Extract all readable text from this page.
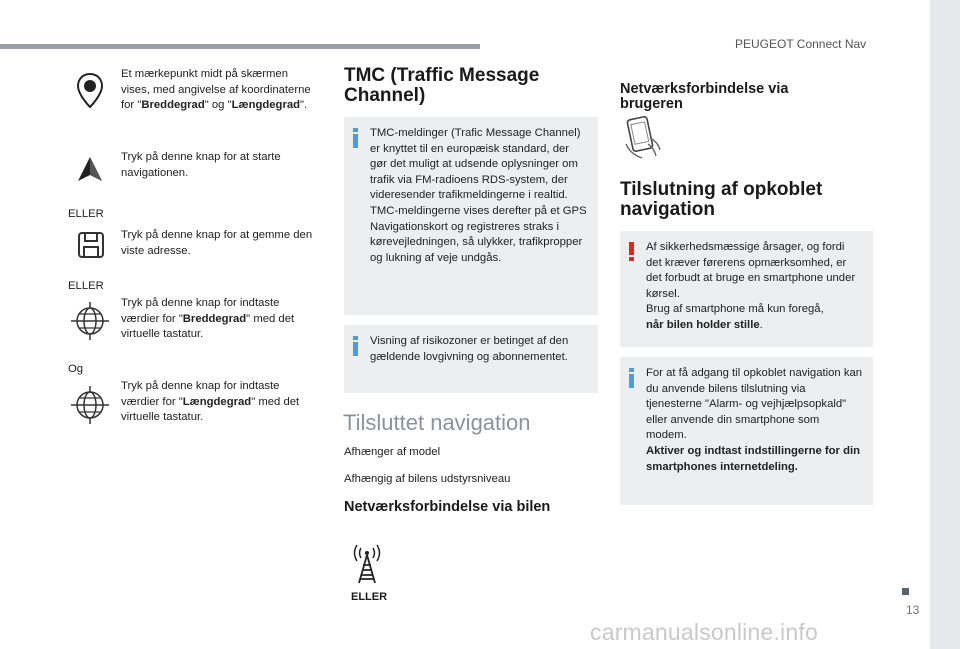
PEUGEOT Connect Nav
13
carmanualsonline.info
Et mærkepunkt midt på skærmen vises, med angivelse af koordinaterne for "Breddegrad" og "Længdegrad".
Tryk på denne knap for at starte navigationen.
ELLER
Tryk på denne knap for at gemme den viste adresse.
ELLER
Tryk på denne knap for indtaste værdier for "Breddegrad" med det virtuelle tastatur.
Og
Tryk på denne knap for indtaste værdier for "Længdegrad" med det virtuelle tastatur.
TMC (Traffic Message Channel)
TMC-meldinger (Trafic Message Channel) er knyttet til en europæisk standard, der gør det muligt at udsende oplysninger om trafik via FM-radioens RDS-system, der videresender trafikmeldingerne i realtid. TMC-meldingerne vises derefter på et GPS Navigationskort og registreres straks i kørevejledningen, så ulykker, trafikpropper og lukning af veje undgås.
Visning af risikozoner er betinget af den gældende lovgivning og abonnementet.
Tilsluttet navigation
Afhænger af model
Afhængig af bilens udstyrsniveau
Netværksforbindelse via bilen
ELLER
Netværksforbindelse via brugeren
Tilslutning af opkoblet navigation
Af sikkerhedsmæssige årsager, og fordi det kræver førerens opmærksomhed, er det forbudt at bruge en smartphone under kørsel.
Brug af smartphone må kun foregå,
når bilen holder stille.
For at få adgang til opkoblet navigation kan du anvende bilens tilslutning via tjenesterne "Alarm- og vejhjælpsopkald" eller anvende din smartphone som modem.
Aktiver og indtast indstillingerne for din smartphones internetdeling.
